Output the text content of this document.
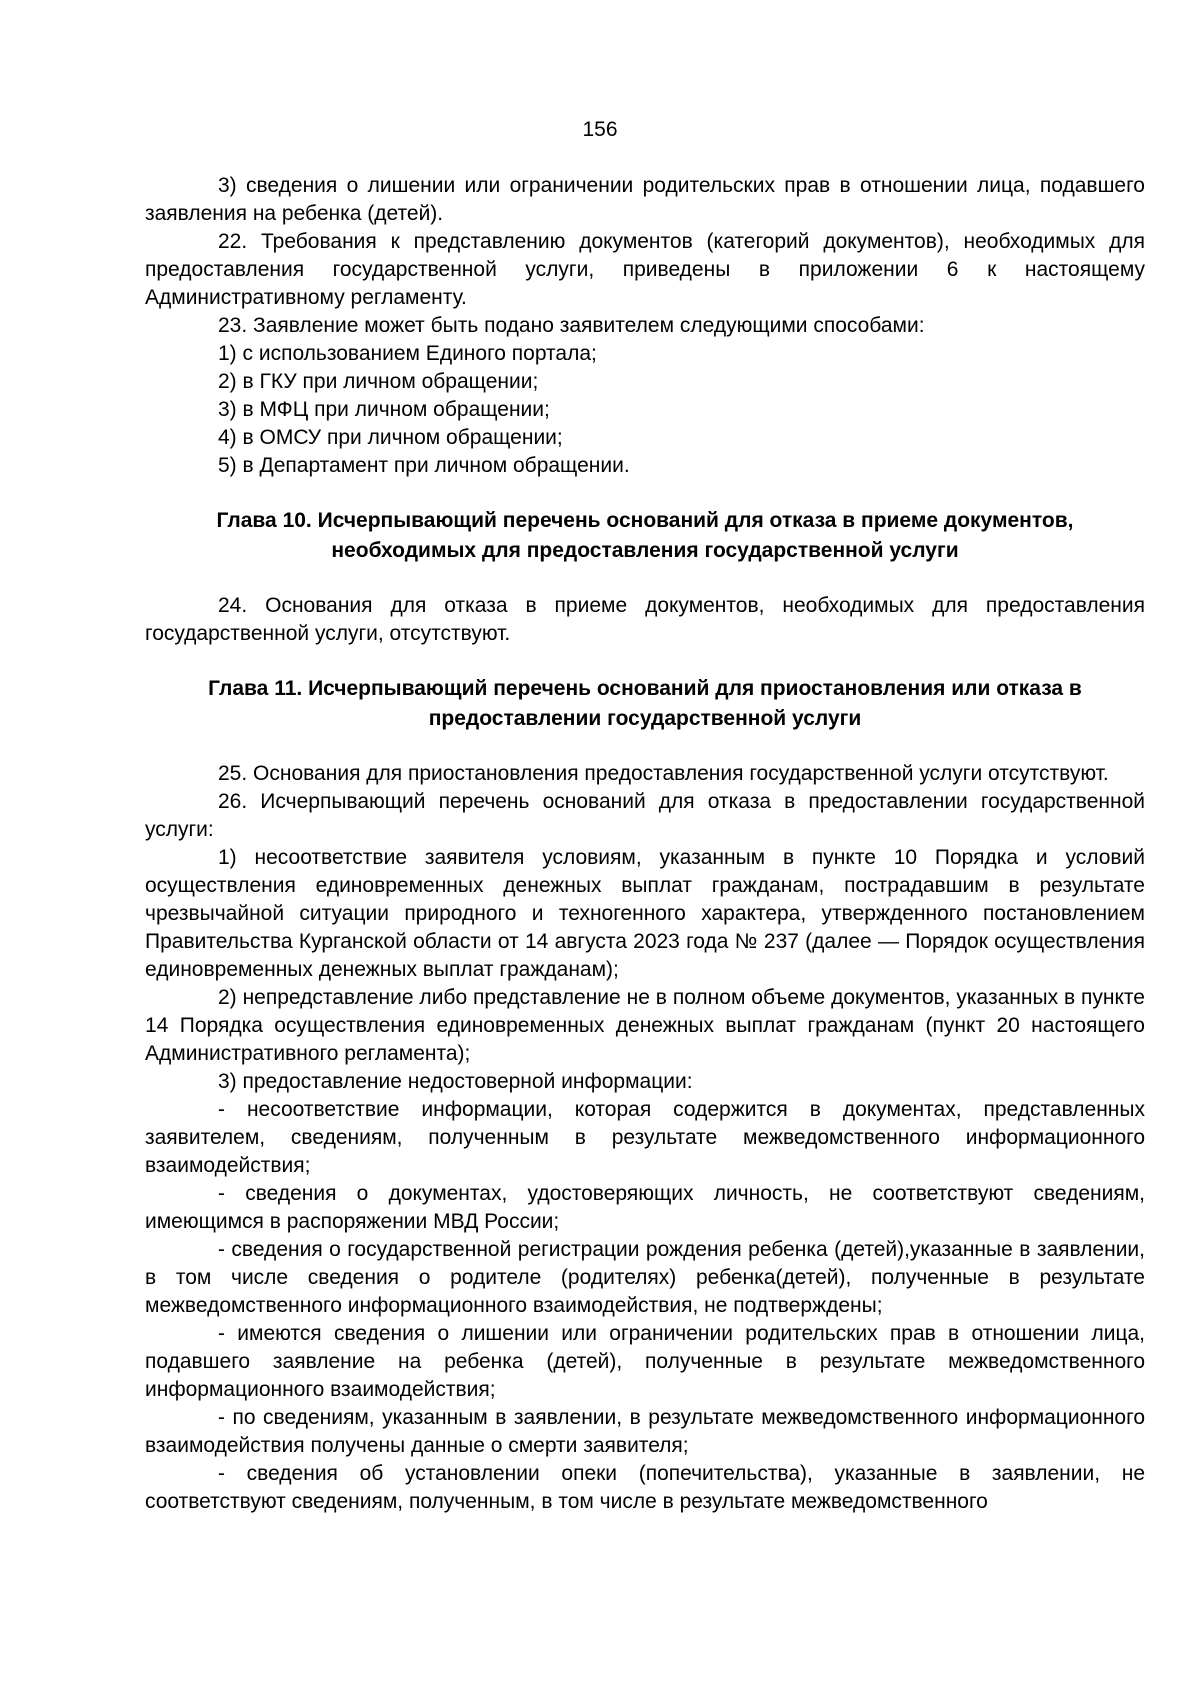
156

3) сведения о лишении или ограничении родительских прав в отношении лица, подавшего заявления на ребенка (детей).

22. Требования к представлению документов (категорий документов), необходимых для предоставления государственной услуги, приведены в приложении 6 к настоящему Административному регламенту.

23. Заявление может быть подано заявителем следующими способами:

1) с использованием Единого портала;

2) в ГКУ при личном обращении;

3) в МФЦ при личном обращении;

4) в ОМСУ при личном обращении;

5) в Департамент при личном обращении.

Глава 10. Исчерпывающий перечень оснований для отказа в приеме документов, необходимых для предоставления государственной услуги

24. Основания для отказа в приеме документов, необходимых для предоставления государственной услуги, отсутствуют.

Глава 11. Исчерпывающий перечень оснований для приостановления или отказа в предоставлении государственной услуги

25. Основания для приостановления предоставления государственной услуги отсутствуют.

26. Исчерпывающий перечень оснований для отказа в предоставлении государственной услуги:

1) несоответствие заявителя условиям, указанным в пункте 10 Порядка и условий осуществления единовременных денежных выплат гражданам, пострадавшим в результате чрезвычайной ситуации природного и техногенного характера, утвержденного постановлением Правительства Курганской области от 14 августа 2023 года № 237 (далее — Порядок осуществления единовременных денежных выплат гражданам);

2) непредставление либо представление не в полном объеме документов, указанных в пункте 14 Порядка осуществления единовременных денежных выплат гражданам (пункт 20 настоящего Административного регламента);

3) предоставление недостоверной информации:

- несоответствие информации, которая содержится в документах, представленных заявителем, сведениям, полученным в результате межведомственного информационного взаимодействия;

- сведения о документах, удостоверяющих личность, не соответствуют сведениям, имеющимся в распоряжении МВД России;

- сведения о государственной регистрации рождения ребенка (детей),указанные в заявлении, в том числе сведения о родителе (родителях) ребенка(детей), полученные в результате межведомственного информационного взаимодействия, не подтверждены;

- имеются сведения о лишении или ограничении родительских прав в отношении лица, подавшего заявление на ребенка (детей), полученные в результате межведомственного информационного взаимодействия;

- по сведениям, указанным в заявлении, в результате межведомственного информационного взаимодействия получены данные о смерти заявителя;

- сведения об установлении опеки (попечительства), указанные в заявлении, не соответствуют сведениям, полученным, в том числе в результате межведомственного
